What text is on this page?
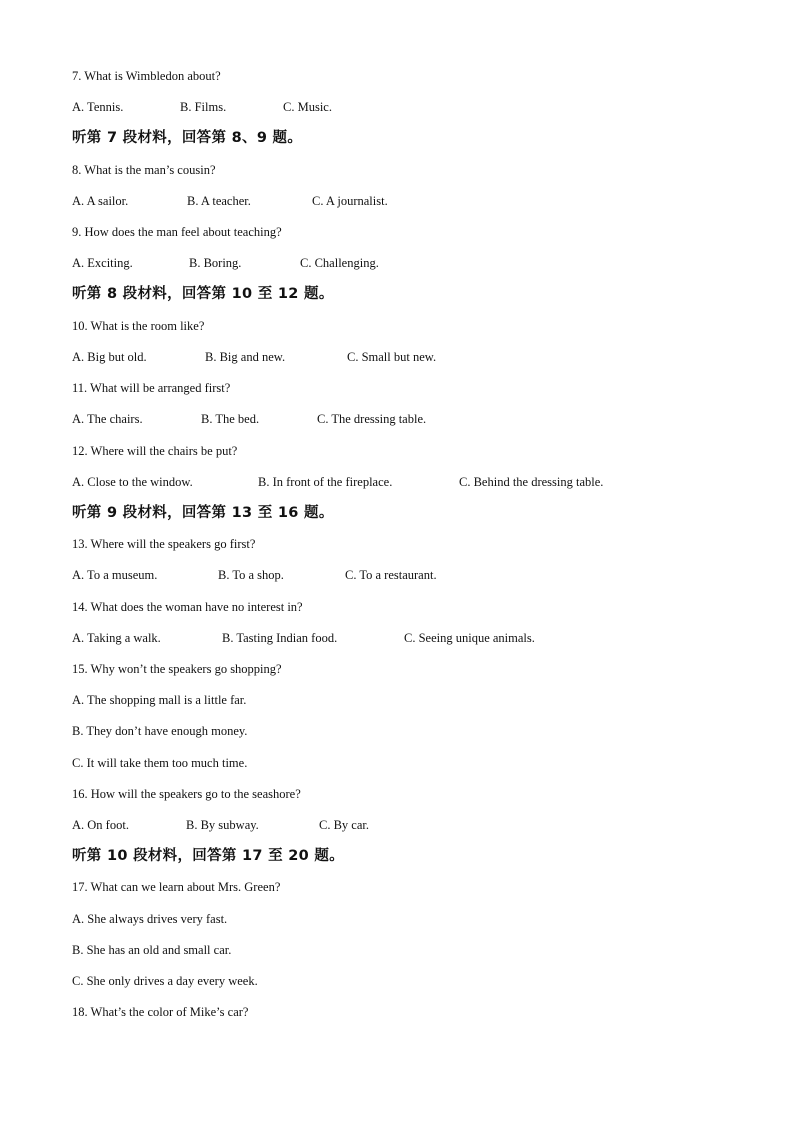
7. What is Wimbledon about?
A. Tennis.	B. Films.	C. Music.
听第 7 段材料，回答第 8、9 题。
8. What is the man’s cousin?
A. A sailor.	B. A teacher.	C. A journalist.
9. How does the man feel about teaching?
A. Exciting.	B. Boring.	C. Challenging.
听第 8 段材料，回答第 10 至 12 题。
10. What is the room like?
A. Big but old.	B. Big and new.	C. Small but new.
11. What will be arranged first?
A. The chairs.	B. The bed.	C. The dressing table.
12. Where will the chairs be put?
A. Close to the window.	B. In front of the fireplace.	C. Behind the dressing table.
听第 9 段材料，回答第 13 至 16 题。
13. Where will the speakers go first?
A. To a museum.	B. To a shop.	C. To a restaurant.
14. What does the woman have no interest in?
A. Taking a walk.	B. Tasting Indian food.	C. Seeing unique animals.
15. Why won’t the speakers go shopping?
A. The shopping mall is a little far.
B. They don’t have enough money.
C. It will take them too much time.
16. How will the speakers go to the seashore?
A. On foot.	B. By subway.	C. By car.
听第 10 段材料，回答第 17 至 20 题。
17. What can we learn about Mrs. Green?
A. She always drives very fast.
B. She has an old and small car.
C. She only drives a day every week.
18. What’s the color of Mike’s car?
